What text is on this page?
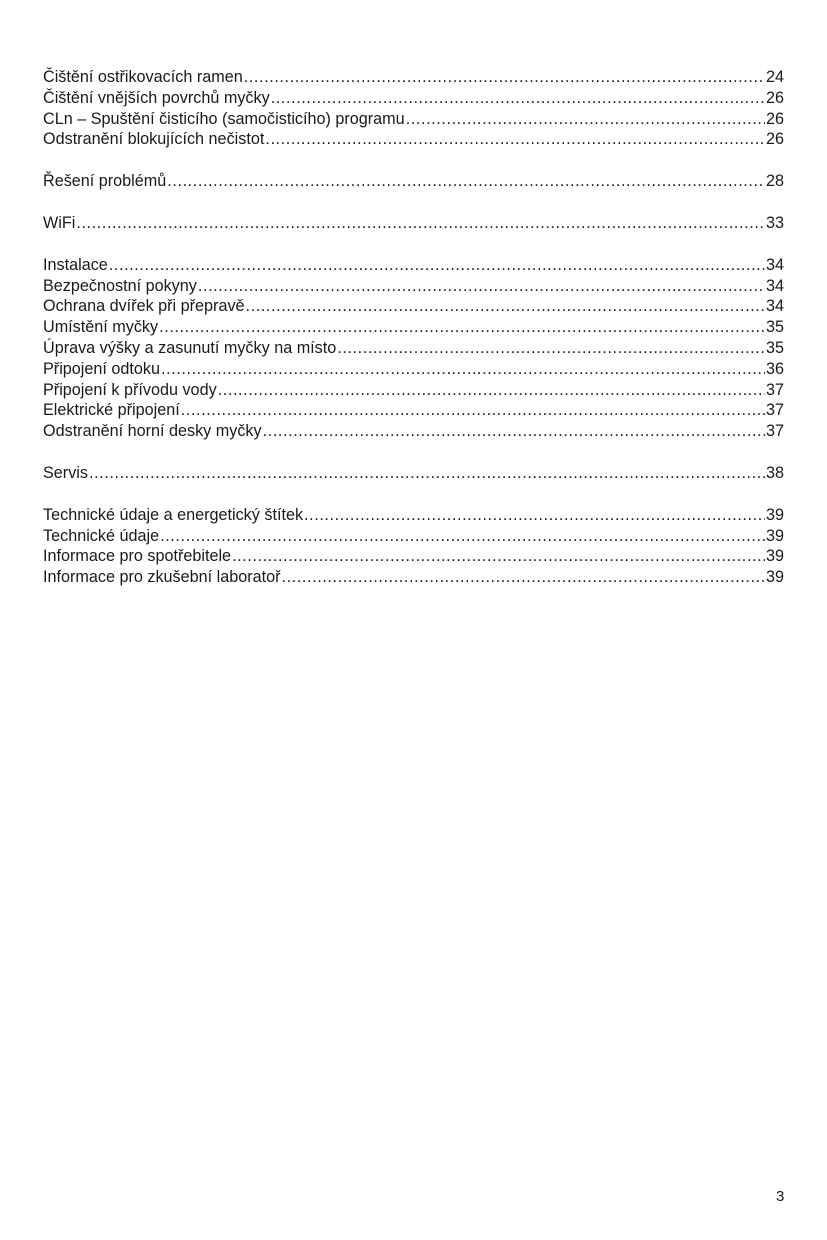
Čištění ostřikovacích ramen .....	24
Čištění vnějších povrchů myčky .....	26
CLn – Spuštění čisticího (samočisticího) programu .....	26
Odstranění blokujících nečistot .....	26
Řešení problémů .....	28
WiFi .....	33
Instalace .....	34
Bezpečnostní pokyny .....	34
Ochrana dvířek při přepravě .....	34
Umístění myčky .....	35
Úprava výšky a zasunutí myčky na místo .....	35
Připojení odtoku .....	36
Připojení k přívodu vody .....	37
Elektrické připojení .....	37
Odstranění horní desky myčky .....	37
Servis .....	38
Technické údaje a energetický štítek .....	39
Technické údaje .....	39
Informace pro spotřebitele .....	39
Informace pro zkušební laboratoř .....	39
3
